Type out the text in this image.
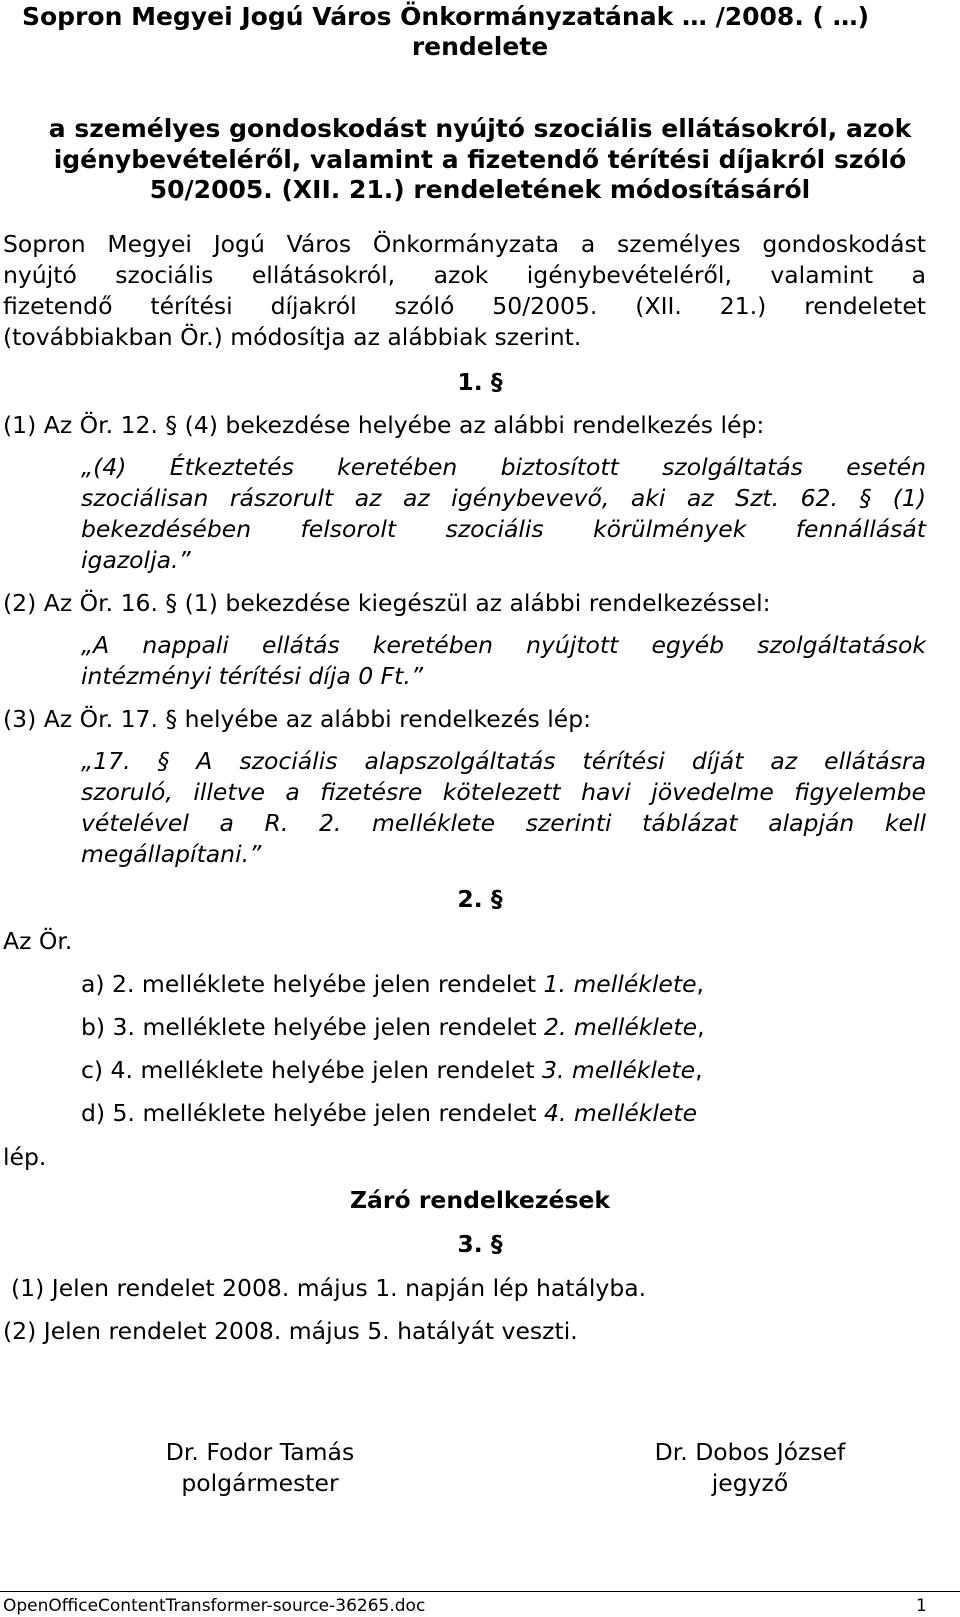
Sopron Megyei Jogú Város Önkormányzatának … /2008. ( …)
rendelete
a személyes gondoskodást nyújtó szociális ellátásokról, azok
igénybevételéről, valamint a fizetendő térítési díjakról szóló
50/2005. (XII. 21.) rendeletének módosításáról
Sopron Megyei Jogú Város Önkormányzata a személyes gondoskodást
nyújtó szociális ellátásokról, azok igénybevételéről, valamint a
fizetendő térítési díjakról szóló 50/2005. (XII. 21.) rendeletet
(továbbiakban Ör.) módosítja az alábbiak szerint.
1. §
(1) Az Ör. 12. § (4) bekezdése helyébe az alábbi rendelkezés lép:
„(4) Étkeztetés keretében biztosított szolgáltatás esetén
szociálisan rászorult az az igénybevevő, aki az Szt. 62. § (1)
bekezdésében felsorolt szociális körülmények fennállását
igazolja.”
(2) Az Ör. 16. § (1) bekezdése kiegészül az alábbi rendelkezéssel:
„A nappali ellátás keretében nyújtott egyéb szolgáltatások
intézményi térítési díja 0 Ft.”
(3) Az Ör. 17. § helyébe az alábbi rendelkezés lép:
„17. § A szociális alapszolgáltatás térítési díját az ellátásra
szoruló, illetve a fizetésre kötelezett havi jövedelme figyelembe
vételével a R. 2. melléklete szerinti táblázat alapján kell
megállapítani.”
2. §
Az Ör.
a) 2. melléklete helyébe jelen rendelet 1. melléklete,
b) 3. melléklete helyébe jelen rendelet 2. melléklete,
c) 4. melléklete helyébe jelen rendelet 3. melléklete,
d) 5. melléklete helyébe jelen rendelet 4. melléklete
lép.
Záró rendelkezések
3. §
(1) Jelen rendelet 2008. május 1. napján lép hatályba.
(2) Jelen rendelet 2008. május 5. hatályát veszti.
Dr. Fodor Tamás
polgármester
Dr. Dobos József
jegyző
OpenOfficeContentTransformer-source-36265.doc	1
